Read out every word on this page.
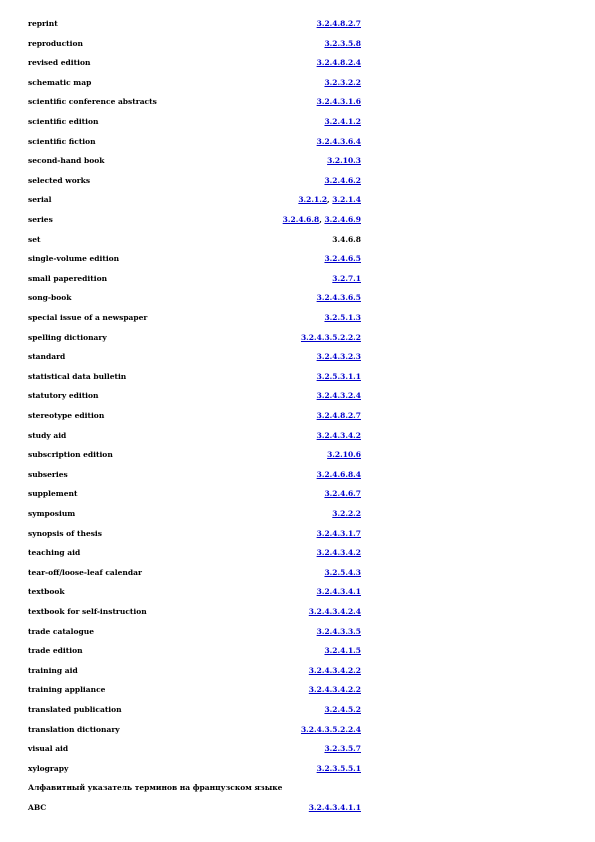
reprint	3.2.4.8.2.7
reproduction	3.2.3.5.8
revised edition	3.2.4.8.2.4
schematic map	3.2.3.2.2
scientific conference abstracts	3.2.4.3.1.6
scientific edition	3.2.4.1.2
scientific fiction	3.2.4.3.6.4
second-hand book	3.2.10.3
selected works	3.2.4.6.2
serial	3.2.1.2, 3.2.1.4
series	3.2.4.6.8, 3.2.4.6.9
set	3.4.6.8
single-volume edition	3.2.4.6.5
small paperedition	3.2.7.1
song-book	3.2.4.3.6.5
special issue of a newspaper	3.2.5.1.3
spelling dictionary	3.2.4.3.5.2.2.2
standard	3.2.4.3.2.3
statistical data bulletin	3.2.5.3.1.1
statutory edition	3.2.4.3.2.4
stereotype edition	3.2.4.8.2.7
study aid	3.2.4.3.4.2
subscription edition	3.2.10.6
subseries	3.2.4.6.8.4
supplement	3.2.4.6.7
symposium	3.2.2.2
synopsis of thesis	3.2.4.3.1.7
teaching aid	3.2.4.3.4.2
tear-off/loose-leaf calendar	3.2.5.4.3
textbook	3.2.4.3.4.1
textbook for self-instruction	3.2.4.3.4.2.4
trade catalogue	3.2.4.3.3.5
trade edition	3.2.4.1.5
training aid	3.2.4.3.4.2.2
training appliance	3.2.4.3.4.2.2
translated publication	3.2.4.5.2
translation dictionary	3.2.4.3.5.2.2.4
visual aid	3.2.3.5.7
xylograpy	3.2.3.5.5.1
Алфавитный указатель терминов на французском языке
ABC	3.2.4.3.4.1.1
